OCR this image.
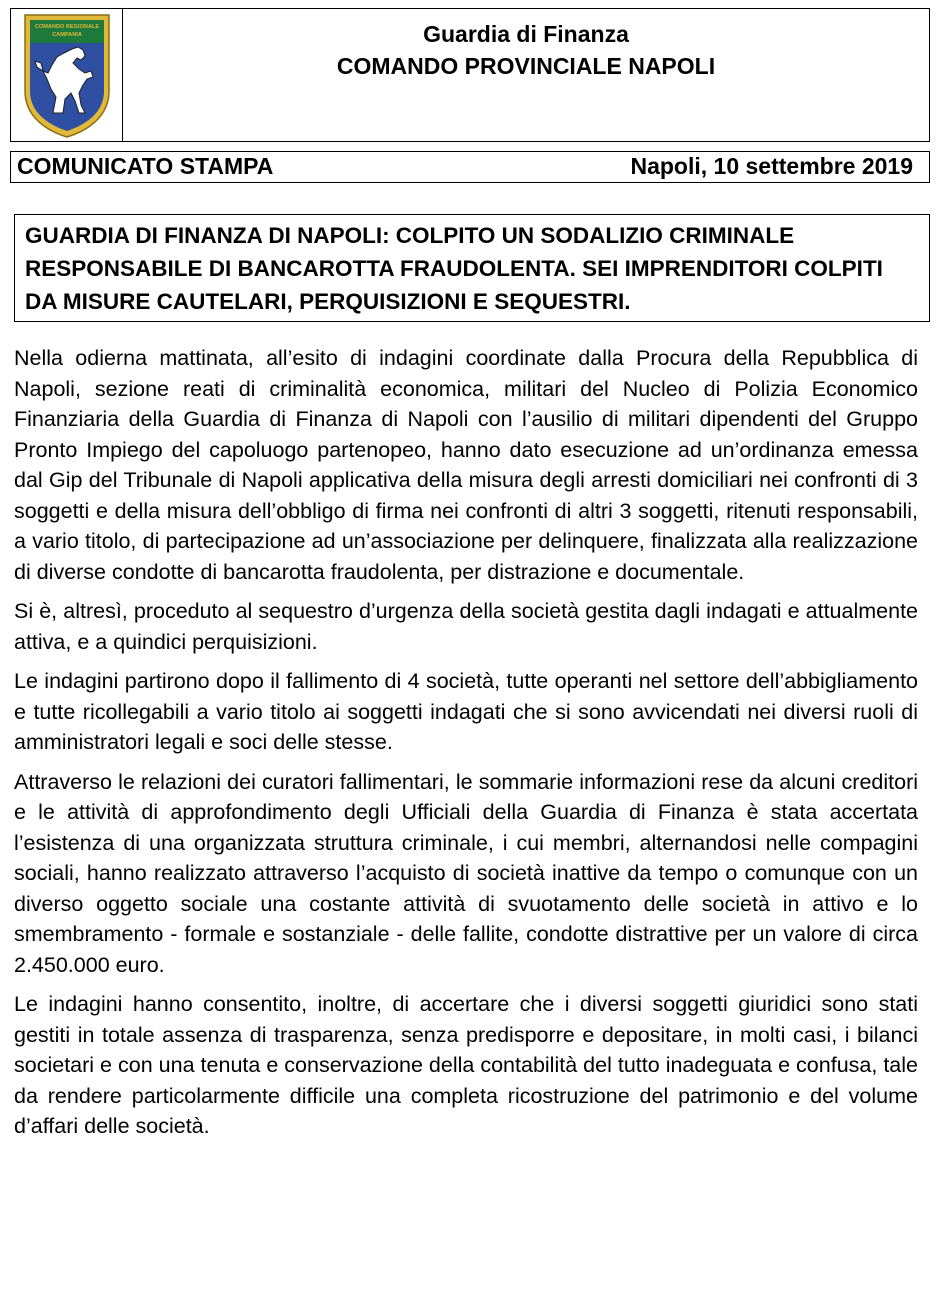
COMANDO REGIONALE
CAMPANIA	Guardia di Finanza
COMANDO PROVINCIALE NAPOLI
COMUNICATO STAMPA	Napoli, 10 settembre 2019
GUARDIA DI FINANZA DI NAPOLI: COLPITO UN SODALIZIO CRIMINALE RESPONSABILE DI BANCAROTTA FRAUDOLENTA. SEI IMPRENDITORI COLPITI DA MISURE CAUTELARI, PERQUISIZIONI E SEQUESTRI.

Nella odierna mattinata, all’esito di indagini coordinate dalla Procura della Repubblica di Napoli, sezione reati di criminalità economica, militari del Nucleo di Polizia Economico Finanziaria della Guardia di Finanza di Napoli con l’ausilio di militari dipendenti del Gruppo Pronto Impiego del capoluogo partenopeo, hanno dato esecuzione ad un’ordinanza emessa dal Gip del Tribunale di Napoli applicativa della misura degli arresti domiciliari nei confronti di 3 soggetti e della misura dell’obbligo di firma nei confronti di altri 3 soggetti, ritenuti responsabili, a vario titolo, di partecipazione ad un’associazione per delinquere, finalizzata alla realizzazione di diverse condotte di bancarotta fraudolenta, per distrazione e documentale.

Si è, altresì, proceduto al sequestro d’urgenza della società gestita dagli indagati e attualmente attiva, e a quindici perquisizioni.

Le indagini partirono dopo il fallimento di 4 società, tutte operanti nel settore dell’abbigliamento e tutte ricollegabili a vario titolo ai soggetti indagati che si sono avvicendati nei diversi ruoli di amministratori legali e soci delle stesse.

Attraverso le relazioni dei curatori fallimentari, le sommarie informazioni rese da alcuni creditori e le attività di approfondimento degli Ufficiali della Guardia di Finanza è stata accertata l’esistenza di una organizzata struttura criminale, i cui membri, alternandosi nelle compagini sociali, hanno realizzato attraverso l’acquisto di società inattive da tempo o comunque con un diverso oggetto sociale una costante attività di svuotamento delle società in attivo e lo smembramento - formale e sostanziale - delle fallite, condotte distrattive per un valore di circa 2.450.000 euro.

Le indagini hanno consentito, inoltre, di accertare che i diversi soggetti giuridici sono stati gestiti in totale assenza di trasparenza, senza predisporre e depositare, in molti casi, i bilanci societari e con una tenuta e conservazione della contabilità del tutto inadeguata e confusa, tale da rendere particolarmente difficile una completa ricostruzione del patrimonio e del volume d’affari delle società.
